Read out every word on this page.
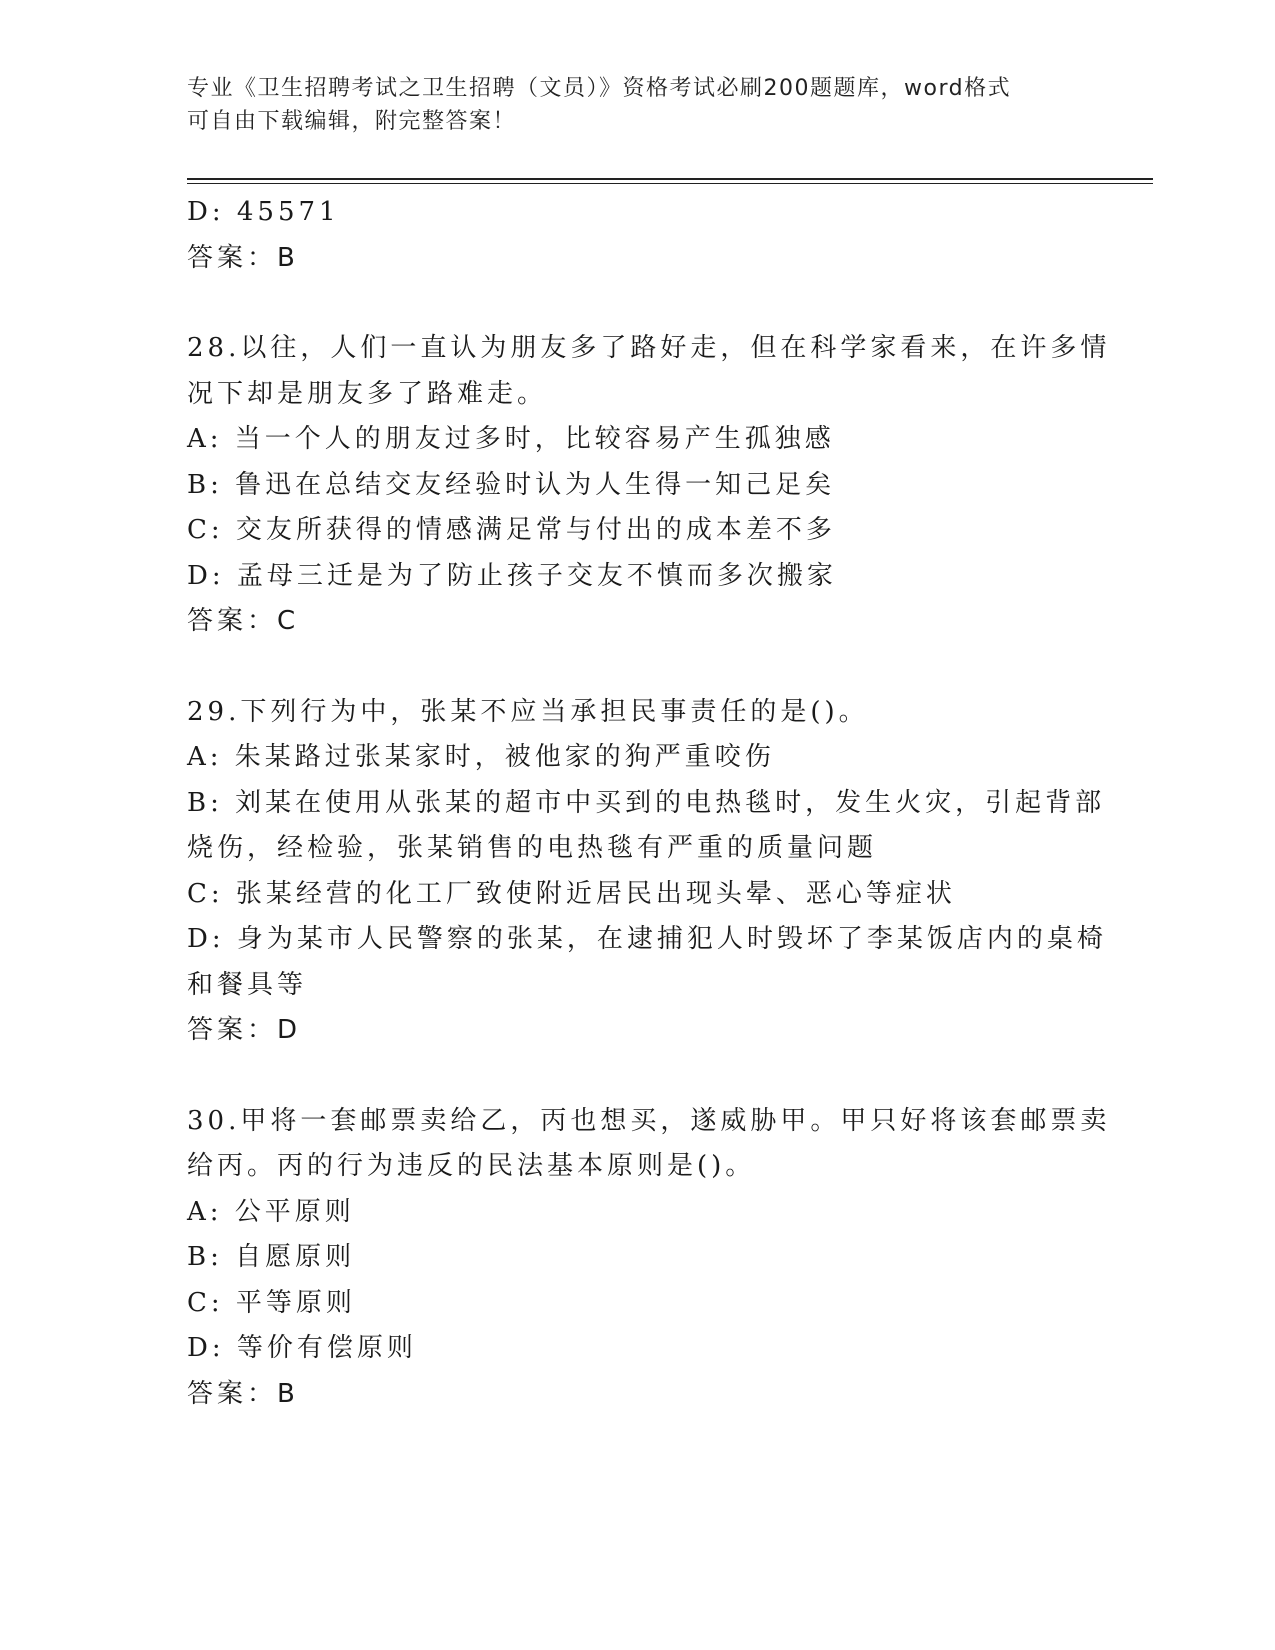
专业《卫生招聘考试之卫生招聘（文员）》资格考试必刷200题题库，word格式
可自由下载编辑，附完整答案！
D: 45571
答案：B
28.以往，人们一直认为朋友多了路好走，但在科学家看来，在许多情
况下却是朋友多了路难走。
A: 当一个人的朋友过多时，比较容易产生孤独感
B: 鲁迅在总结交友经验时认为人生得一知己足矣
C: 交友所获得的情感满足常与付出的成本差不多
D: 孟母三迁是为了防止孩子交友不慎而多次搬家
答案：C
29.下列行为中，张某不应当承担民事责任的是()。
A: 朱某路过张某家时，被他家的狗严重咬伤
B: 刘某在使用从张某的超市中买到的电热毯时，发生火灾，引起背部
烧伤，经检验，张某销售的电热毯有严重的质量问题
C: 张某经营的化工厂致使附近居民出现头晕、恶心等症状
D: 身为某市人民警察的张某，在逮捕犯人时毁坏了李某饭店内的桌椅
和餐具等
答案：D
30.甲将一套邮票卖给乙，丙也想买，遂威胁甲。甲只好将该套邮票卖
给丙。丙的行为违反的民法基本原则是()。
A: 公平原则
B: 自愿原则
C: 平等原则
D: 等价有偿原则
答案：B
